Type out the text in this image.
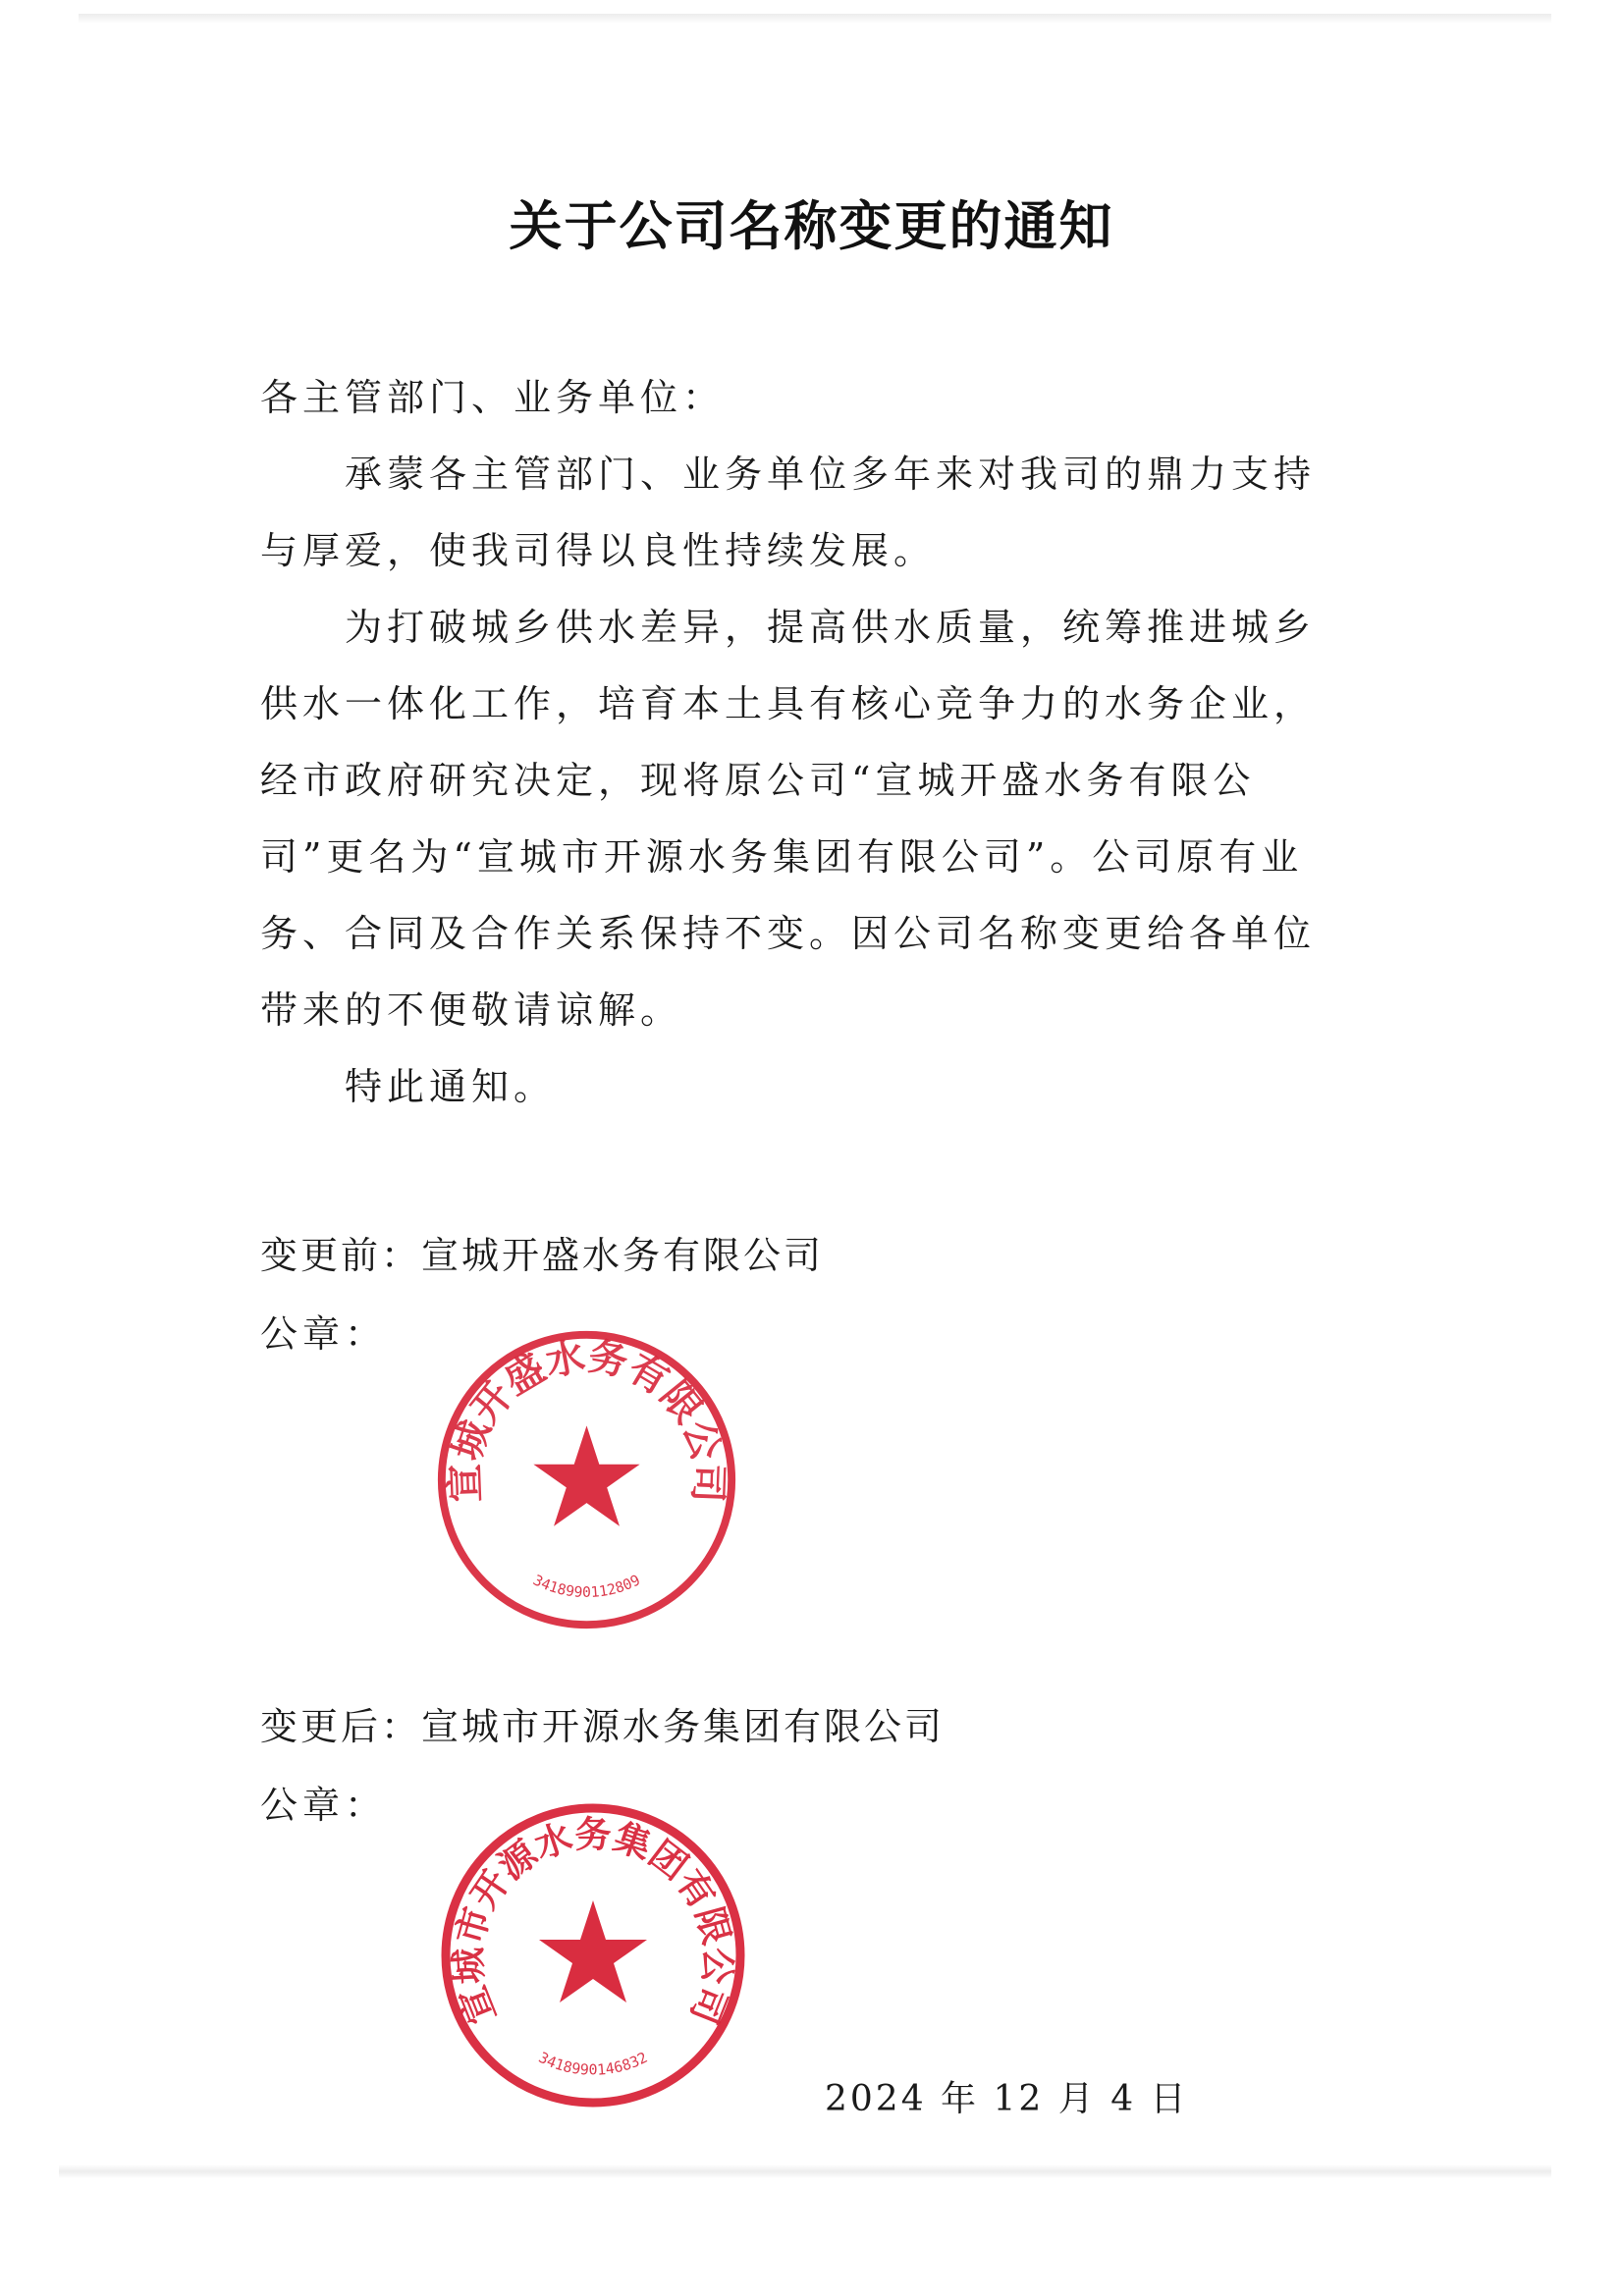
关于公司名称变更的通知
各主管部门、业务单位：
承蒙各主管部门、业务单位多年来对我司的鼎力支持与厚爱，使我司得以良性持续发展。
为打破城乡供水差异，提高供水质量，统筹推进城乡供水一体化工作，培育本土具有核心竞争力的水务企业，经市政府研究决定，现将原公司“宣城开盛水务有限公司”更名为“宣城市开源水务集团有限公司”。公司原有业务、合同及合作关系保持不变。因公司名称变更给各单位带来的不便敬请谅解。
特此通知。
变更前：宣城开盛水务有限公司
公章：
宣城开盛水务有限公司
3418990112809
变更后：宣城市开源水务集团有限公司
公章：
宣城市开源水务集团有限公司
3418990146832
2024 年 12 月 4 日
